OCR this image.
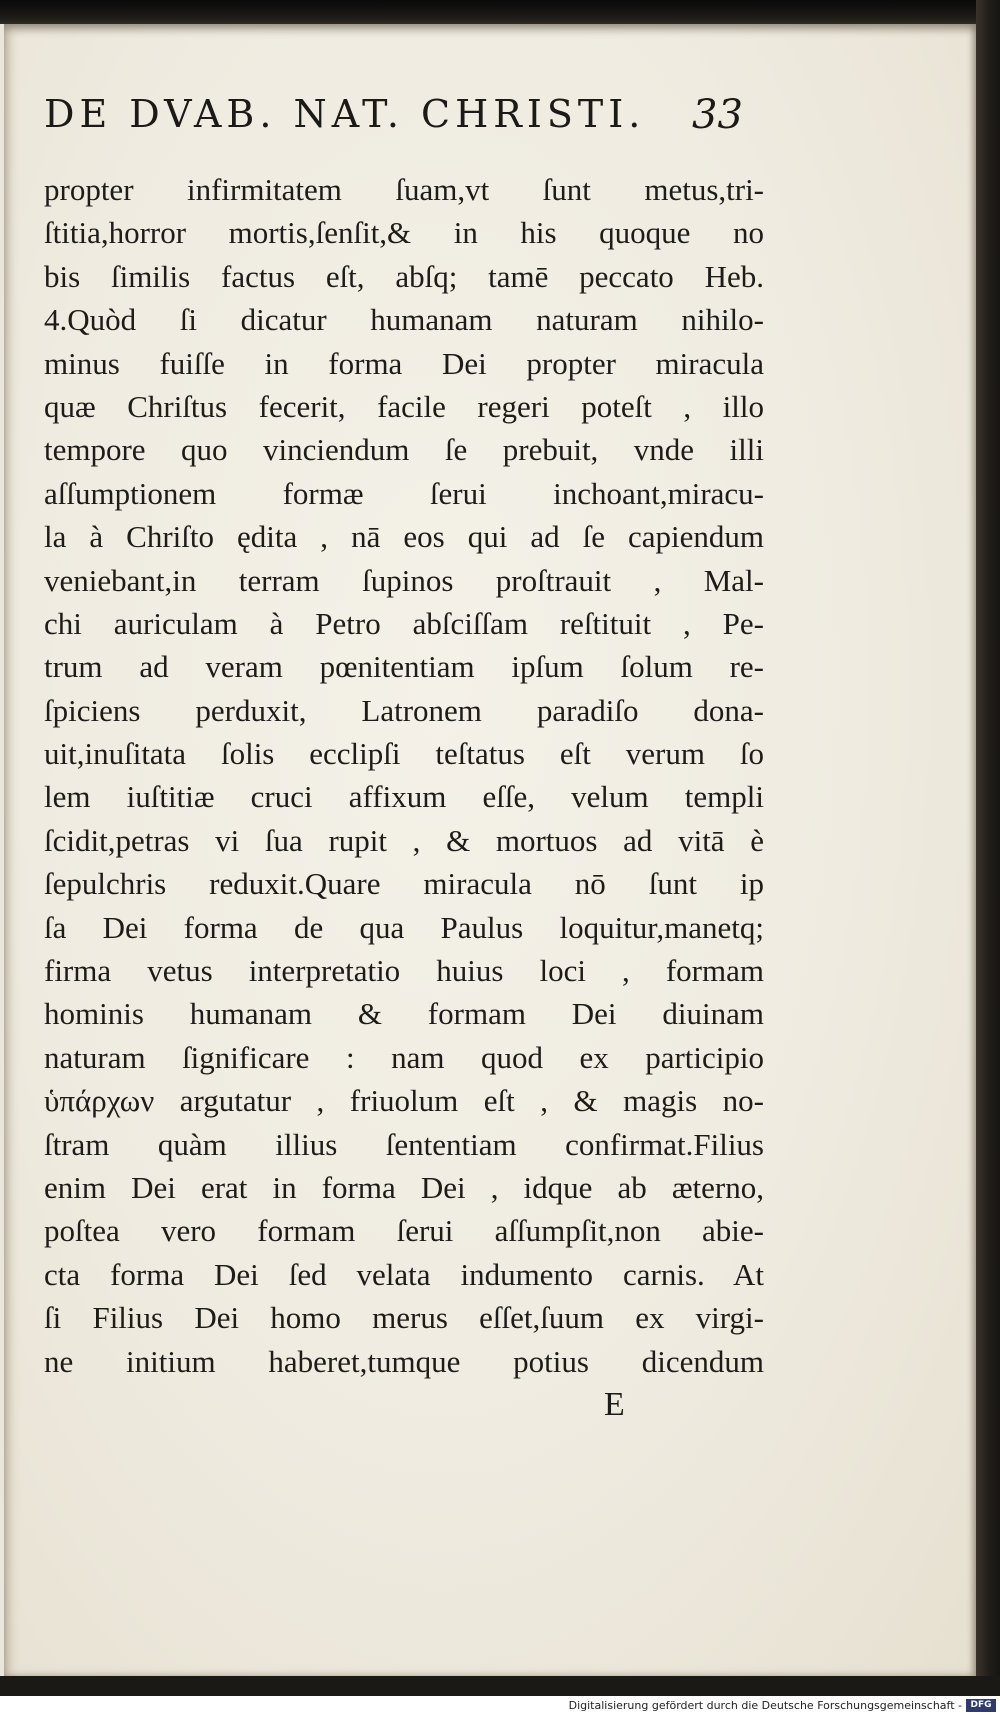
DE DVAB. NAT. CHRISTI.	33
propter infirmitatem ſuam,vt ſunt metus,tri-
ſtitia,horror mortis,ſenſit,& in his quoque no
bis ſimilis factus eſt, abſq; tamē peccato Heb.
4.Quòd ſi dicatur humanam naturam nihilo-
minus fuiſſe in forma Dei propter miracula
quæ Chriſtus fecerit, facile regeri poteſt , illo
tempore quo vinciendum ſe prebuit, vnde illi
aſſumptionem formæ ſerui inchoant,miracu-
la à Chriſto ędita , nā eos qui ad ſe capiendum
veniebant,in terram ſupinos proſtrauit , Mal-
chi auriculam à Petro abſciſſam reſtituit , Pe-
trum ad veram pœnitentiam ipſum ſolum re-
ſpiciens perduxit, Latronem paradiſo dona-
uit,inuſitata ſolis ecclipſi teſtatus eſt verum ſo
lem iuſtitiæ cruci affixum eſſe, velum templi
ſcidit,petras vi ſua rupit , & mortuos ad vitā è
ſepulchris reduxit.Quare miracula nō ſunt ip
ſa Dei forma de qua Paulus loquitur,manetq;
firma vetus interpretatio huius loci , formam
hominis humanam & formam Dei diuinam
naturam ſignificare : nam quod ex participio
ὑπάρχων argutatur , friuolum eſt , & magis no-
ſtram quàm illius ſententiam confirmat.Filius
enim Dei erat in forma Dei , idque ab æterno,
poſtea vero formam ſerui aſſumpſit,non abie-
cta forma Dei ſed velata indumento carnis. At
ſi Filius Dei homo merus eſſet,ſuum ex virgi-
ne initium haberet,tumque potius dicendum
E
Digitalisierung gefördert durch die Deutsche Forschungsgemeinschaft - DFG
